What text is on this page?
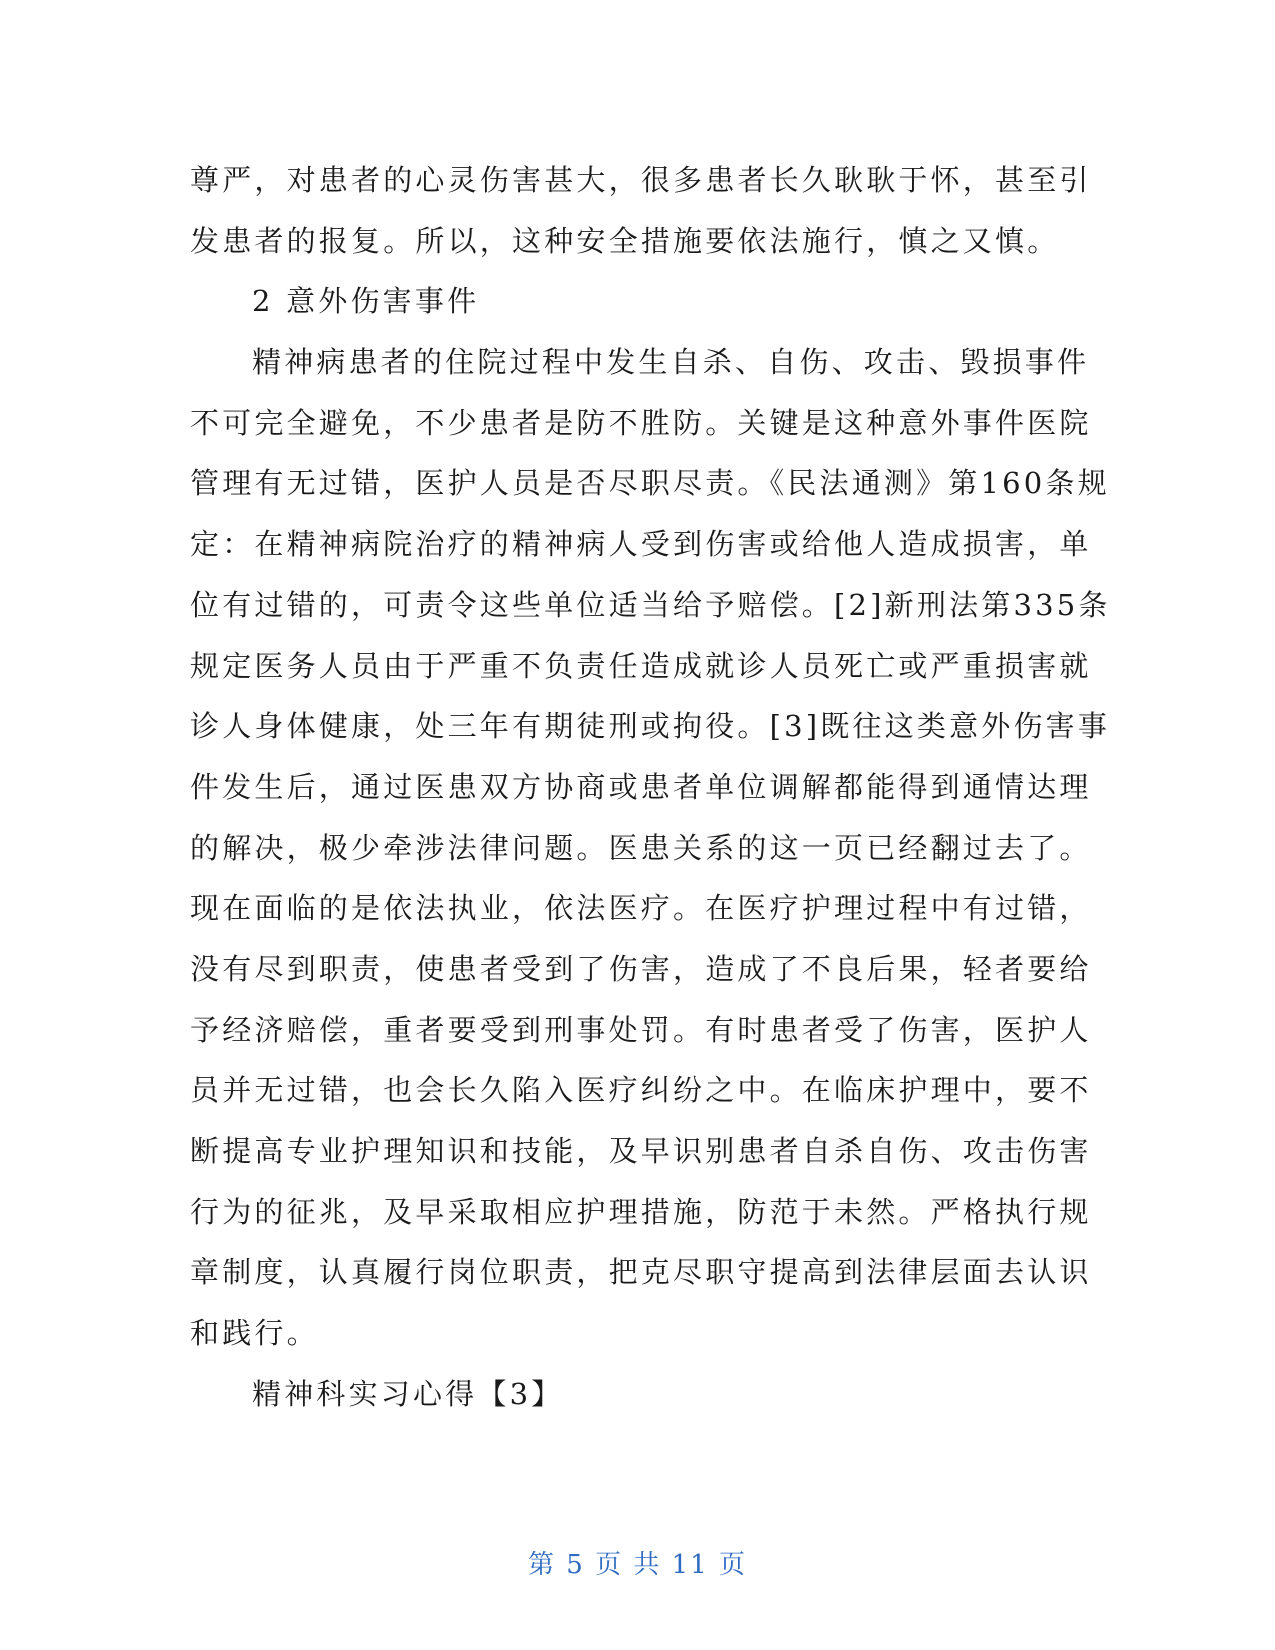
尊严，对患者的心灵伤害甚大，很多患者长久耿耿于怀，甚至引
发患者的报复。所以，这种安全措施要依法施行，慎之又慎。
2 意外伤害事件
精神病患者的住院过程中发生自杀、自伤、攻击、毁损事件
不可完全避免，不少患者是防不胜防。关键是这种意外事件医院
管理有无过错，医护人员是否尽职尽责。《民法通测》第160条规
定：在精神病院治疗的精神病人受到伤害或给他人造成损害，单
位有过错的，可责令这些单位适当给予赔偿。[2]新刑法第335条
规定医务人员由于严重不负责任造成就诊人员死亡或严重损害就
诊人身体健康，处三年有期徒刑或拘役。[3]既往这类意外伤害事
件发生后，通过医患双方协商或患者单位调解都能得到通情达理
的解决，极少牵涉法律问题。医患关系的这一页已经翻过去了。
现在面临的是依法执业，依法医疗。在医疗护理过程中有过错，
没有尽到职责，使患者受到了伤害，造成了不良后果，轻者要给
予经济赔偿，重者要受到刑事处罚。有时患者受了伤害，医护人
员并无过错，也会长久陷入医疗纠纷之中。在临床护理中，要不
断提高专业护理知识和技能，及早识别患者自杀自伤、攻击伤害
行为的征兆，及早采取相应护理措施，防范于未然。严格执行规
章制度，认真履行岗位职责，把克尽职守提高到法律层面去认识
和践行。
精神科实习心得【3】
第 5 页 共 11 页
